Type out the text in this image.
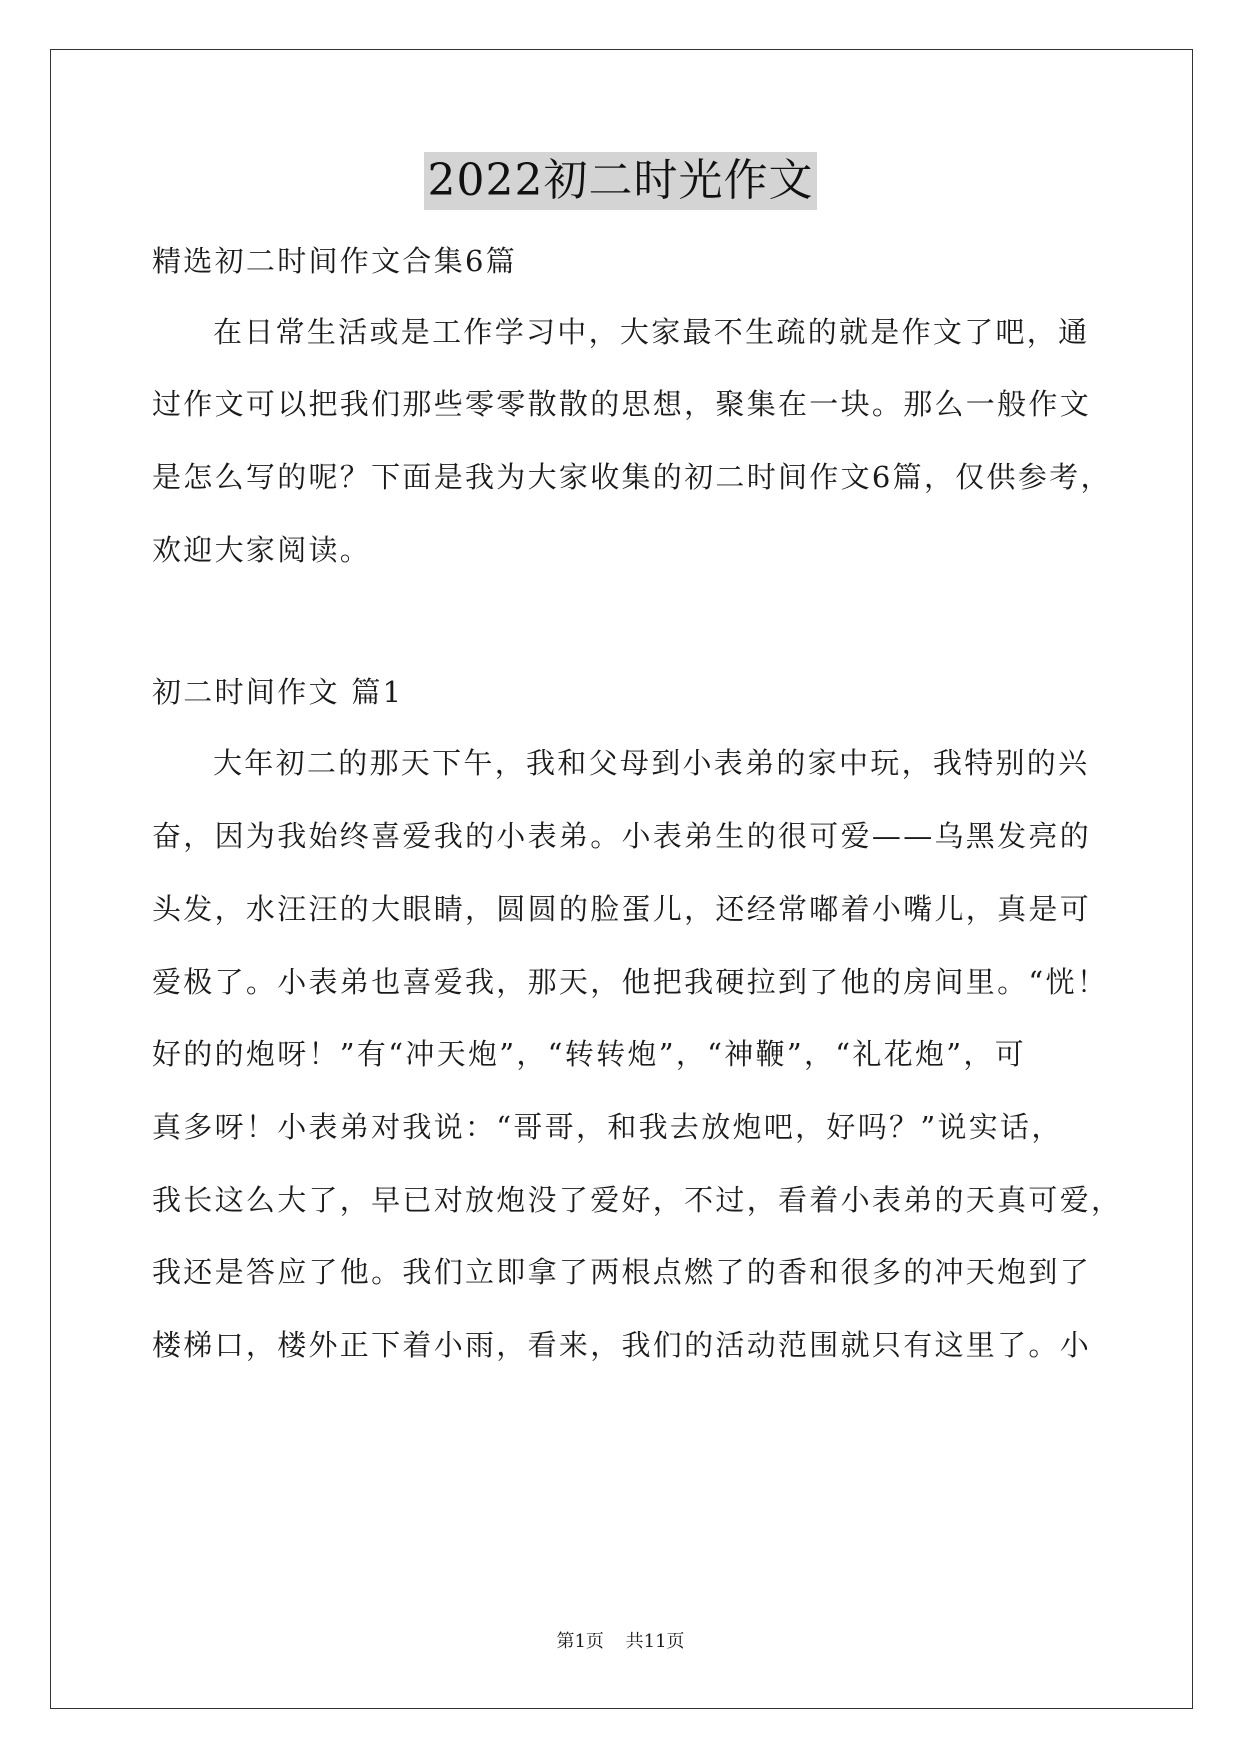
2022初二时光作文
精选初二时间作文合集6篇
在日常生活或是工作学习中，大家最不生疏的就是作文了吧，通
过作文可以把我们那些零零散散的思想，聚集在一块。那么一般作文
是怎么写的呢？下面是我为大家收集的初二时间作文6篇，仅供参考，
欢迎大家阅读。
初二时间作文 篇1
大年初二的那天下午，我和父母到小表弟的家中玩，我特别的兴
奋，因为我始终喜爱我的小表弟。小表弟生的很可爱——乌黑发亮的
头发，水汪汪的大眼睛，圆圆的脸蛋儿，还经常嘟着小嘴儿，真是可
爱极了。小表弟也喜爱我，那天，他把我硬拉到了他的房间里。“恍！
好的的炮呀！”有“冲天炮”，“转转炮”，“神鞭”，“礼花炮”，可
真多呀！小表弟对我说：“哥哥，和我去放炮吧，好吗？”说实话，
我长这么大了，早已对放炮没了爱好，不过，看着小表弟的天真可爱，
我还是答应了他。我们立即拿了两根点燃了的香和很多的冲天炮到了
楼梯口，楼外正下着小雨，看来，我们的活动范围就只有这里了。小
第1页 共11页
